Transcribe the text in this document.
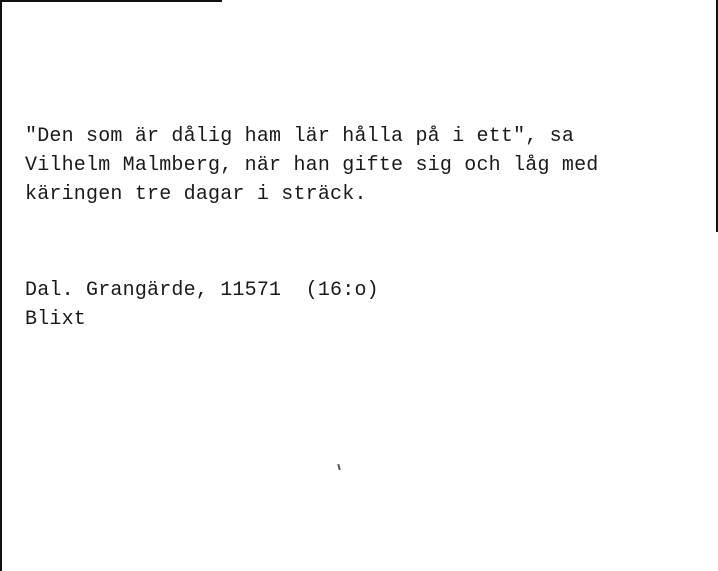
"Den som är dålig ham lär hålla på i ett", sa
Vilhelm Malmberg, när han gifte sig och låg med
käringen tre dagar i sträck.
Dal. Grangärde, 11571  (16:o)
Blixt
